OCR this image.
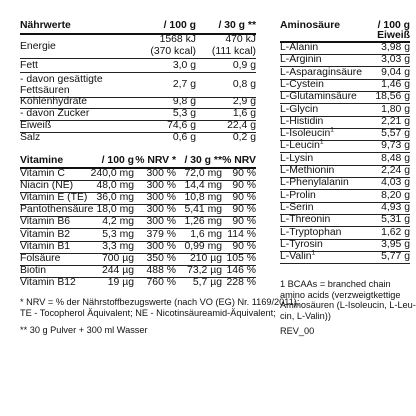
Nährwerte	/ 100 g	/ 30 g **
Energie
1568 kJ	470 kJ
(370 kcal)	(111 kcal)
Fett	3,0 g	0,9 g
- davon gesättigte
Fettsäuren
2,7 g	0,8 g
Kohlenhydrate	9,8 g	2,9 g
- davon Zucker	5,3 g	1,6 g
Eiweiß	74,6 g	22,4 g
Salz	0,6 g	0,2 g
Vitamine	/ 100 g % NRV * / 30 g ** % NRV
Vitamin C	240,0 mg	300 % 72,0 mg 90 %
Niacin (NE)	48,0 mg	300 % 14,4 mg 90 %
Vitamin E (TE) 36,0 mg	300 % 10,8 mg 90 %
Pantothensäure 18,0 mg	300 % 5,41 mg 90 %
Vitamin B6	4,2 mg	300 % 1,26 mg 90 %
Vitamin B2	5,3 mg	379 %	1,6 mg 114 %
Vitamin B1	3,3 mg	300 % 0,99 mg 90 %
Folsäure	700 µg	350 %	210 µg 105 %
Biotin	244 µg	488 %	73,2 µg 146 %
Vitamin B12	19 µg	760 %	5,7 µg 228 %
* NRV = % der Nährstoffbezugswerte (nach VO (EG) Nr. 1169/2011);
TE - Tocopherol Äquivalent; NE - Nicotinsäureamid-Äquivalent;
** 30 g Pulver + 300 ml Wasser
Aminosäure	/ 100 g
Eiweiß
L-Alanin	3,98 g
L-Arginin	3,03 g
L-Asparaginsäure	9,04 g
L-Cystein	1,46 g
L-Glutaminsäure	18,56 g
L-Glycin	1,80 g
L-Histidin	2,21 g
L-Isoleucin$^1$	5,57 g
L-Leucin$^1$	9,73 g
L-Lysin	8,48 g
L-Methionin	2,24 g
L-Phenylalanin	4,03 g
L-Prolin	8,20 g
L-Serin	4,93 g
L-Threonin	5,31 g
L-Tryptophan	1,62 g
L-Tyrosin	3,95 g
L-Valin$^1$	5,77 g
1 BCAAs = branched chain
amino acids (verzweigtkettige
Aminosäuren (L-Isoleucin, L-Leu-
cin, L-Valin))
REV_00
